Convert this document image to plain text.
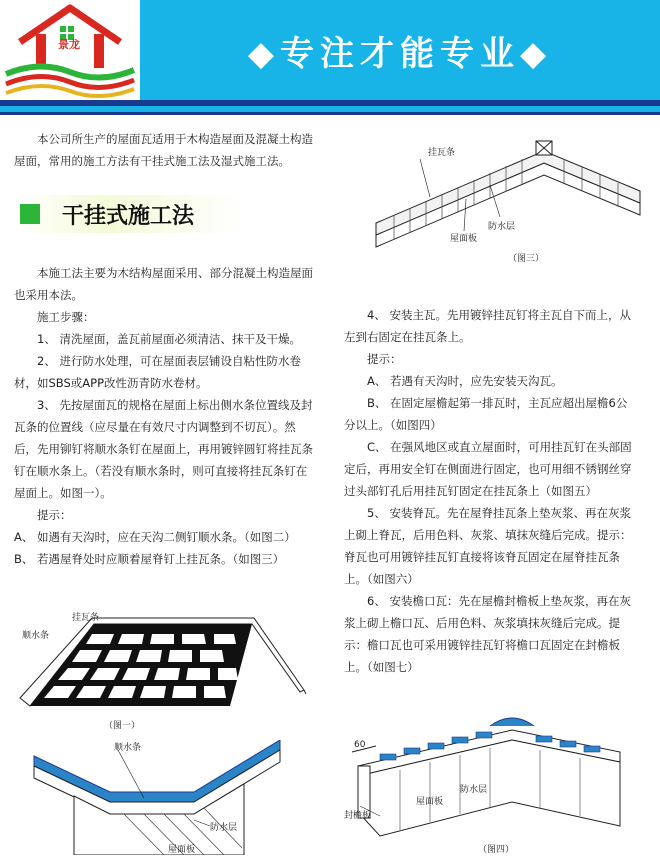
景龙	◆专注才能专业◆
本公司所生产的屋面瓦适用于木构造屋面及混凝土构造屋面，常用的施工方法有干挂式施工法及湿式施工法。
干挂式施工法

本施工法主要为木结构屋面采用、部分混凝土构造屋面也采用本法。

施工步骤：

1、 清洗屋面，盖瓦前屋面必须清洁、抹干及干燥。

2、 进行防水处理，可在屋面表层铺设自粘性防水卷材，如SBS或APP改性沥青防水卷材。

3、 先按屋面瓦的规格在屋面上标出侧水条位置线及封瓦条的位置线（应尽量在有效尺寸内调整到不切瓦）。然后，先用铆钉将顺水条钉在屋面上，再用镀锌圆钉将挂瓦条钉在顺水条上。（若没有顺水条时，则可直接将挂瓦条钉在屋面上。如图一）。

提示：

A、 如遇有天沟时，应在天沟二侧钉顺水条。（如图二）

B、 若遇屋脊处时应顺着屋脊钉上挂瓦条。（如图三）

4、 安装主瓦。先用镀锌挂瓦钉将主瓦自下而上，从左到右固定在挂瓦条上。

提示：

A、 若遇有天沟时，应先安装天沟瓦。

B、 在固定屋檐起第一排瓦时，主瓦应超出屋檐6公分以上。（如图四）

C、 在强风地区或直立屋面时，可用挂瓦钉在头部固定后，再用安全钉在侧面进行固定，也可用细不锈钢丝穿过头部钉孔后用挂瓦钉固定在挂瓦条上（如图五）

5、 安装脊瓦。先在屋脊挂瓦条上垫灰浆、再在灰浆上砌上脊瓦，后用色料、灰浆、填抹灰缝后完成。提示：脊瓦也可用镀锌挂瓦钉直接将该脊瓦固定在屋脊挂瓦条上。（如图六）

6、 安装檐口瓦：先在屋檐封檐板上垫灰浆，再在灰浆上砌上檐口瓦、后用色料、灰浆填抹灰缝后完成。提示：檐口瓦也可采用镀锌挂瓦钉将檐口瓦固定在封檐板上。（如图七）

挂瓦条
防水层
屋面板
（图三）
挂瓦条
顺水条
（图一）
顺水条
防水层
屋面板
60
屋面板
防水层
封檐板
（图四）
